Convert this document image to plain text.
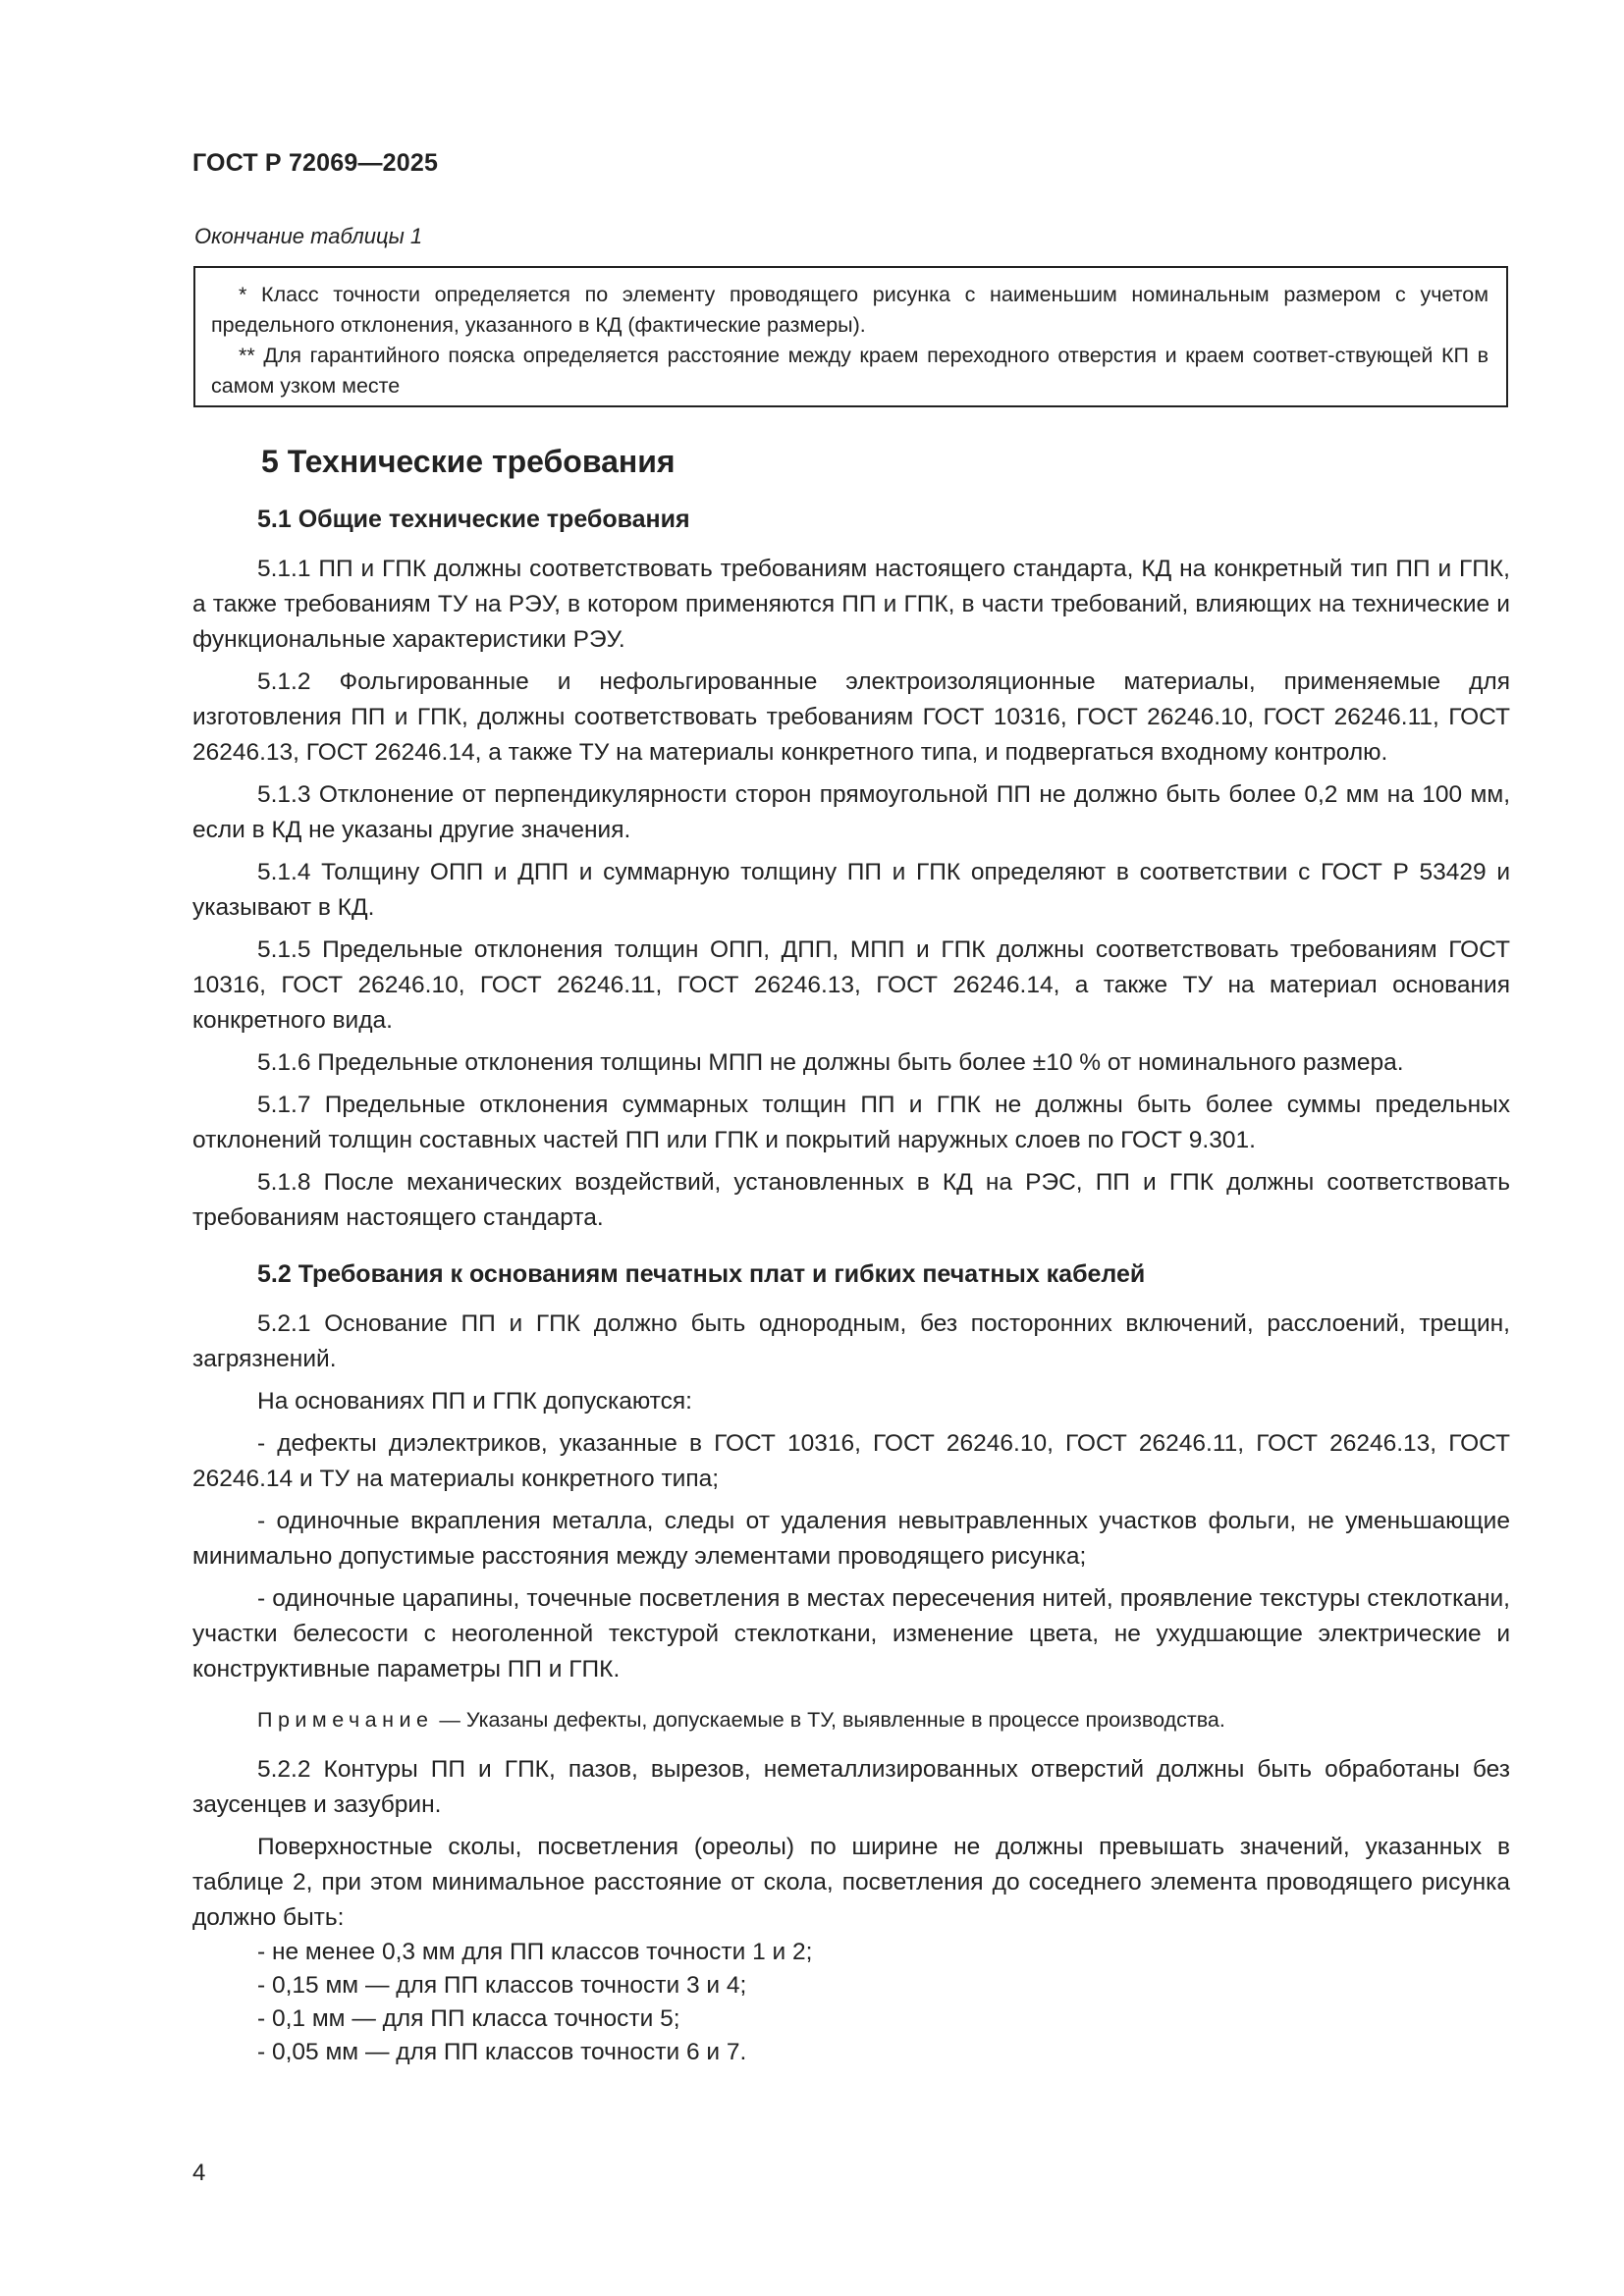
ГОСТ Р 72069—2025
Окончание таблицы 1

* Класс точности определяется по элементу проводящего рисунка с наименьшим номинальным размером с учетом предельного отклонения, указанного в КД (фактические размеры).

** Для гарантийного пояска определяется расстояние между краем переходного отверстия и краем соответ-ствующей КП в самом узком месте

5 Технические требования
5.1 Общие технические требования

5.1.1 ПП и ГПК должны соответствовать требованиям настоящего стандарта, КД на конкретный тип ПП и ГПК, а также требованиям ТУ на РЭУ, в котором применяются ПП и ГПК, в части требований, влияющих на технические и функциональные характеристики РЭУ.

5.1.2 Фольгированные и нефольгированные электроизоляционные материалы, применяемые для изготовления ПП и ГПК, должны соответствовать требованиям ГОСТ 10316, ГОСТ 26246.10, ГОСТ 26246.11, ГОСТ 26246.13, ГОСТ 26246.14, а также ТУ на материалы конкретного типа, и подвергаться входному контролю.

5.1.3 Отклонение от перпендикулярности сторон прямоугольной ПП не должно быть более 0,2 мм на 100 мм, если в КД не указаны другие значения.

5.1.4 Толщину ОПП и ДПП и суммарную толщину ПП и ГПК определяют в соответствии с ГОСТ Р 53429 и указывают в КД.

5.1.5 Предельные отклонения толщин ОПП, ДПП, МПП и ГПК должны соответствовать требованиям ГОСТ 10316, ГОСТ 26246.10, ГОСТ 26246.11, ГОСТ 26246.13, ГОСТ 26246.14, а также ТУ на материал основания конкретного вида.

5.1.6 Предельные отклонения толщины МПП не должны быть более ±10 % от номинального размера.

5.1.7 Предельные отклонения суммарных толщин ПП и ГПК не должны быть более суммы предельных отклонений толщин составных частей ПП или ГПК и покрытий наружных слоев по ГОСТ 9.301.

5.1.8 После механических воздействий, установленных в КД на РЭС, ПП и ГПК должны соответствовать требованиям настоящего стандарта.

5.2 Требования к основаниям печатных плат и гибких печатных кабелей

5.2.1 Основание ПП и ГПК должно быть однородным, без посторонних включений, расслоений, трещин, загрязнений.

На основаниях ПП и ГПК допускаются:

- дефекты диэлектриков, указанные в ГОСТ 10316, ГОСТ 26246.10, ГОСТ 26246.11, ГОСТ 26246.13, ГОСТ 26246.14 и ТУ на материалы конкретного типа;

- одиночные вкрапления металла, следы от удаления невытравленных участков фольги, не уменьшающие минимально допустимые расстояния между элементами проводящего рисунка;

- одиночные царапины, точечные посветления в местах пересечения нитей, проявление текстуры стеклоткани, участки белесости с неоголенной текстурой стеклоткани, изменение цвета, не ухудшающие электрические и конструктивные параметры ПП и ГПК.

Примечание — Указаны дефекты, допускаемые в ТУ, выявленные в процессе производства.

5.2.2 Контуры ПП и ГПК, пазов, вырезов, неметаллизированных отверстий должны быть обработаны без заусенцев и зазубрин.

Поверхностные сколы, посветления (ореолы) по ширине не должны превышать значений, указанных в таблице 2, при этом минимальное расстояние от скола, посветления до соседнего элемента проводящего рисунка должно быть:

- не менее 0,3 мм для ПП классов точности 1 и 2;

- 0,15 мм — для ПП классов точности 3 и 4;

- 0,1 мм — для ПП класса точности 5;

- 0,05 мм — для ПП классов точности 6 и 7.

4
